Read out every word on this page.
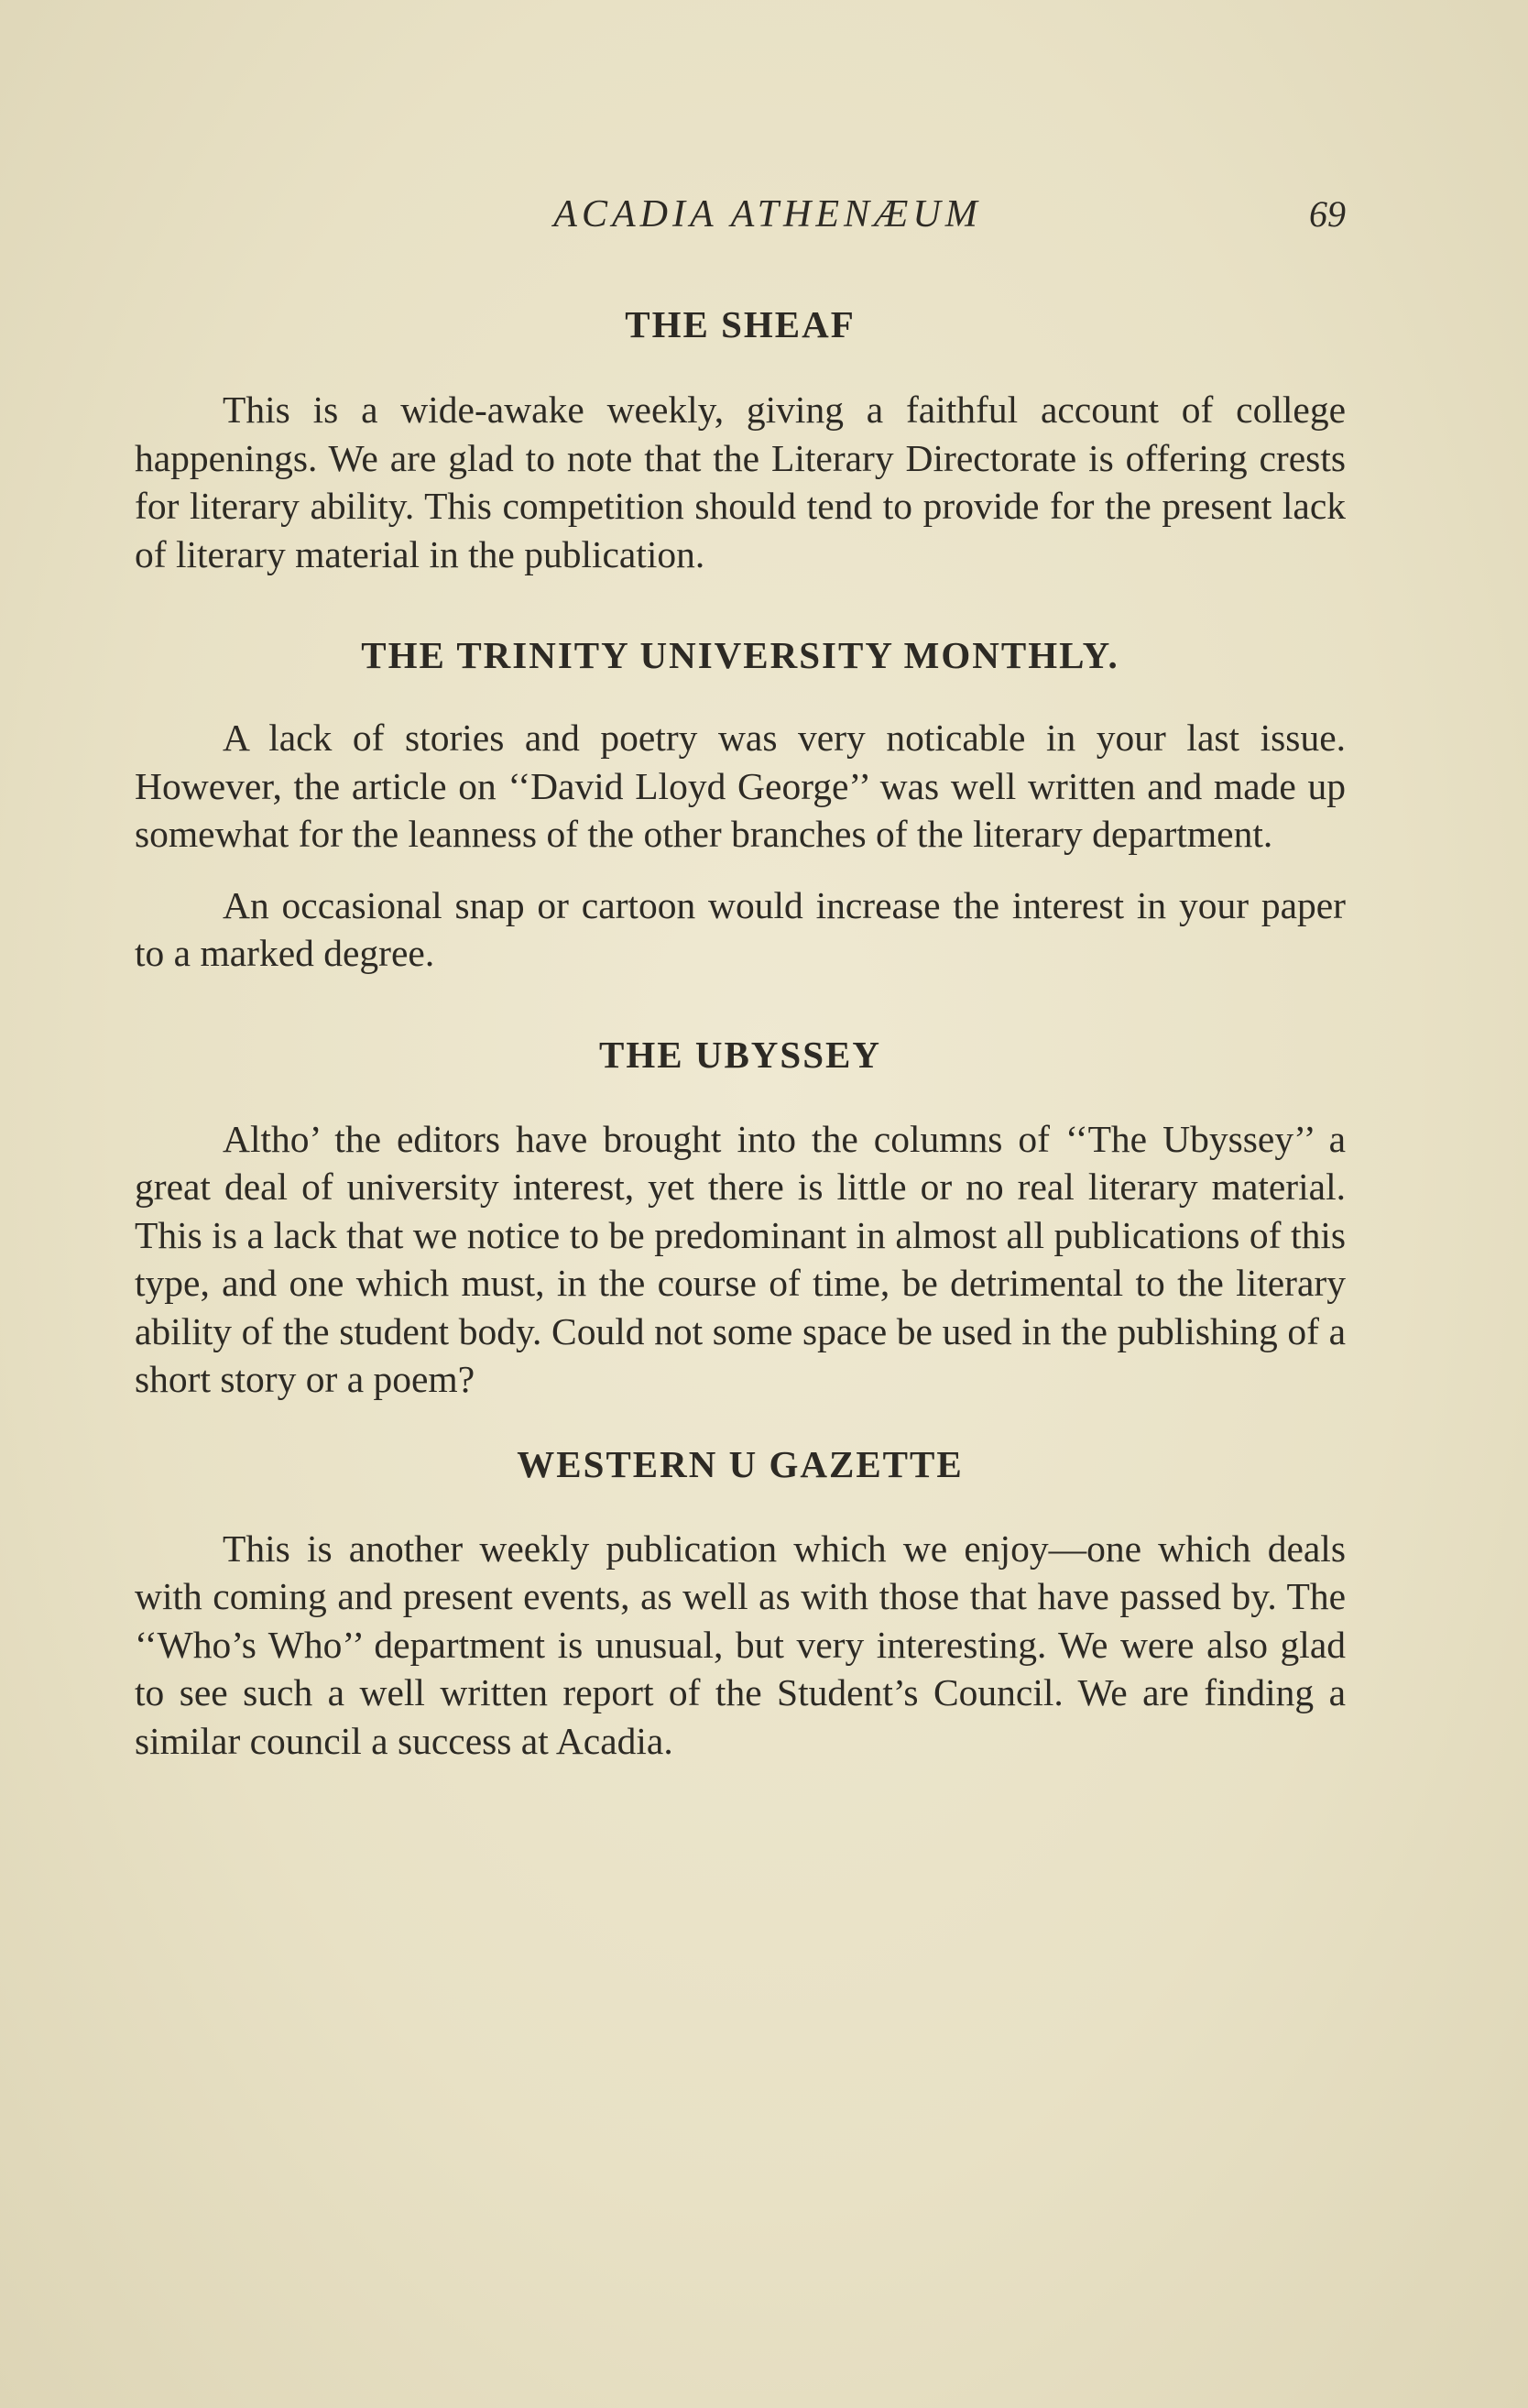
ACADIA ATHENÆUM	69
THE SHEAF

This is a wide-awake weekly, giving a faithful account of college happenings. We are glad to note that the Literary Directorate is offering crests for literary ability. This competition should tend to provide for the present lack of literary material in the publication.

THE TRINITY UNIVERSITY MONTHLY.

A lack of stories and poetry was very noticable in your last issue. However, the article on ‘‘David Lloyd George’’ was well written and made up somewhat for the leanness of the other branches of the literary department.

An occasional snap or cartoon would increase the interest in your paper to a marked degree.

THE UBYSSEY

Altho’ the editors have brought into the columns of ‘‘The Ubyssey’’ a great deal of university interest, yet there is little or no real literary material. This is a lack that we notice to be predominant in almost all publications of this type, and one which must, in the course of time, be detrimental to the literary ability of the student body. Could not some space be used in the publishing of a short story or a poem?

WESTERN U GAZETTE

This is another weekly publication which we enjoy—one which deals with coming and present events, as well as with those that have passed by. The ‘‘Who’s Who’’ department is unusual, but very interesting. We were also glad to see such a well written report of the Student’s Council. We are finding a similar council a success at Acadia.
